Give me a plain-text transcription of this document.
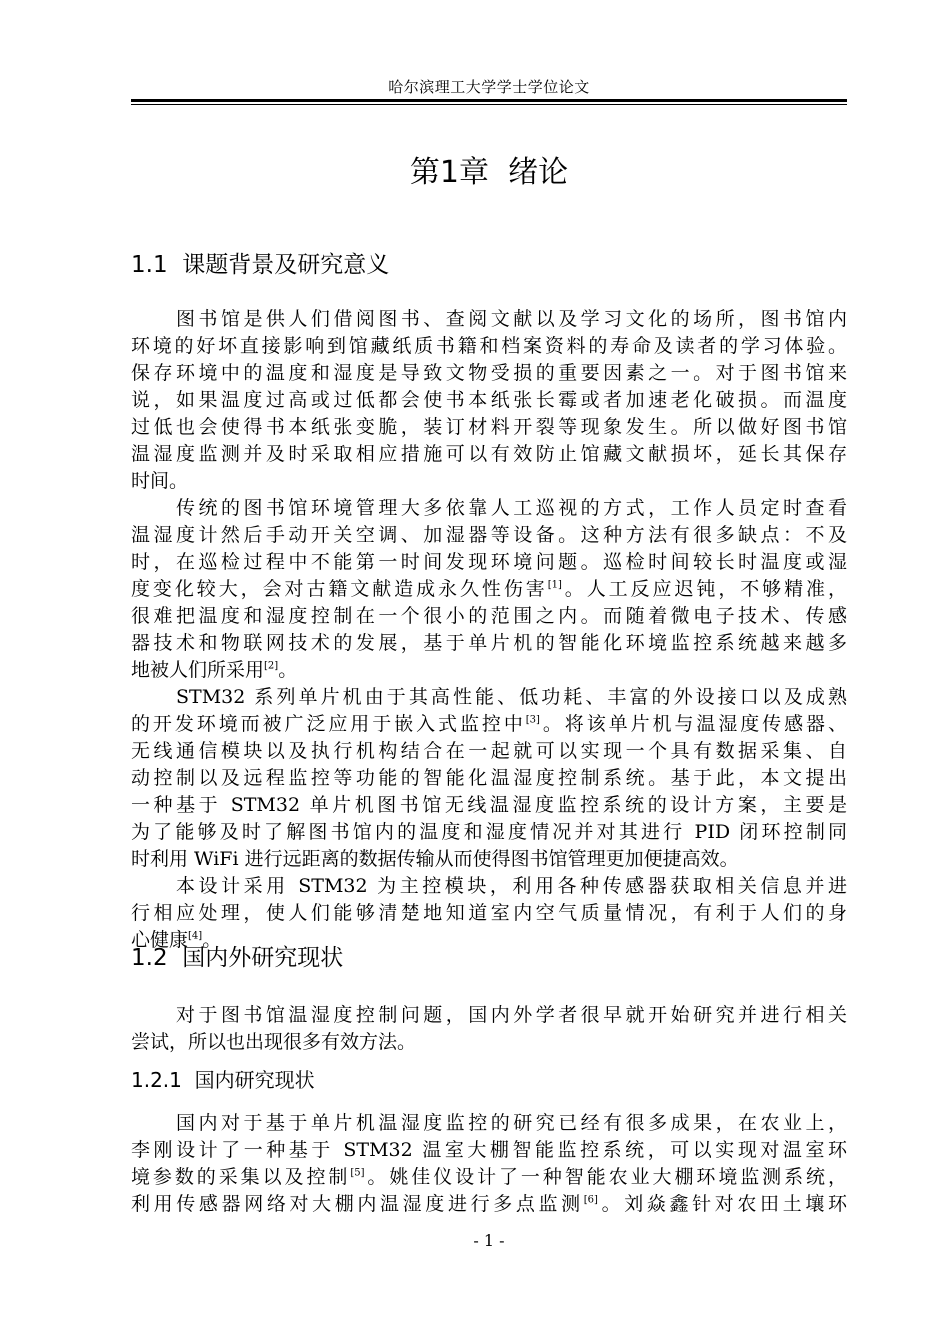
哈尔滨理工大学学士学位论文
第1章  绪论
1.1  课题背景及研究意义
图书馆是供人们借阅图书、查阅文献以及学习文化的场所，图书馆内
环境的好坏直接影响到馆藏纸质书籍和档案资料的寿命及读者的学习体验。
保存环境中的温度和湿度是导致文物受损的重要因素之一。对于图书馆来
说，如果温度过高或过低都会使书本纸张长霉或者加速老化破损。而温度
过低也会使得书本纸张变脆，装订材料开裂等现象发生。所以做好图书馆
温湿度监测并及时采取相应措施可以有效防止馆藏文献损坏，延长其保存
时间。
传统的图书馆环境管理大多依靠人工巡视的方式，工作人员定时查看
温湿度计然后手动开关空调、加湿器等设备。这种方法有很多缺点：不及
时，在巡检过程中不能第一时间发现环境问题。巡检时间较长时温度或湿
度变化较大，会对古籍文献造成永久性伤害[1]。人工反应迟钝，不够精准，
很难把温度和湿度控制在一个很小的范围之内。而随着微电子技术、传感
器技术和物联网技术的发展，基于单片机的智能化环境监控系统越来越多
地被人们所采用[2]。
STM32 系列单片机由于其高性能、低功耗、丰富的外设接口以及成熟
的开发环境而被广泛应用于嵌入式监控中[3]。将该单片机与温湿度传感器、
无线通信模块以及执行机构结合在一起就可以实现一个具有数据采集、自
动控制以及远程监控等功能的智能化温湿度控制系统。基于此，本文提出
一种基于 STM32 单片机图书馆无线温湿度监控系统的设计方案，主要是
为了能够及时了解图书馆内的温度和湿度情况并对其进行 PID 闭环控制同
时利用 WiFi 进行远距离的数据传输从而使得图书馆管理更加便捷高效。
本设计采用 STM32 为主控模块，利用各种传感器获取相关信息并进
行相应处理，使人们能够清楚地知道室内空气质量情况，有利于人们的身
心健康[4]。
1.2  国内外研究现状
对于图书馆温湿度控制问题，国内外学者很早就开始研究并进行相关
尝试，所以也出现很多有效方法。
1.2.1  国内研究现状
国内对于基于单片机温湿度监控的研究已经有很多成果，在农业上，
李刚设计了一种基于 STM32 温室大棚智能监控系统，可以实现对温室环
境参数的采集以及控制[5]。姚佳仪设计了一种智能农业大棚环境监测系统，
利用传感器网络对大棚内温湿度进行多点监测[6]。刘焱鑫针对农田土壤环
- 1 -
